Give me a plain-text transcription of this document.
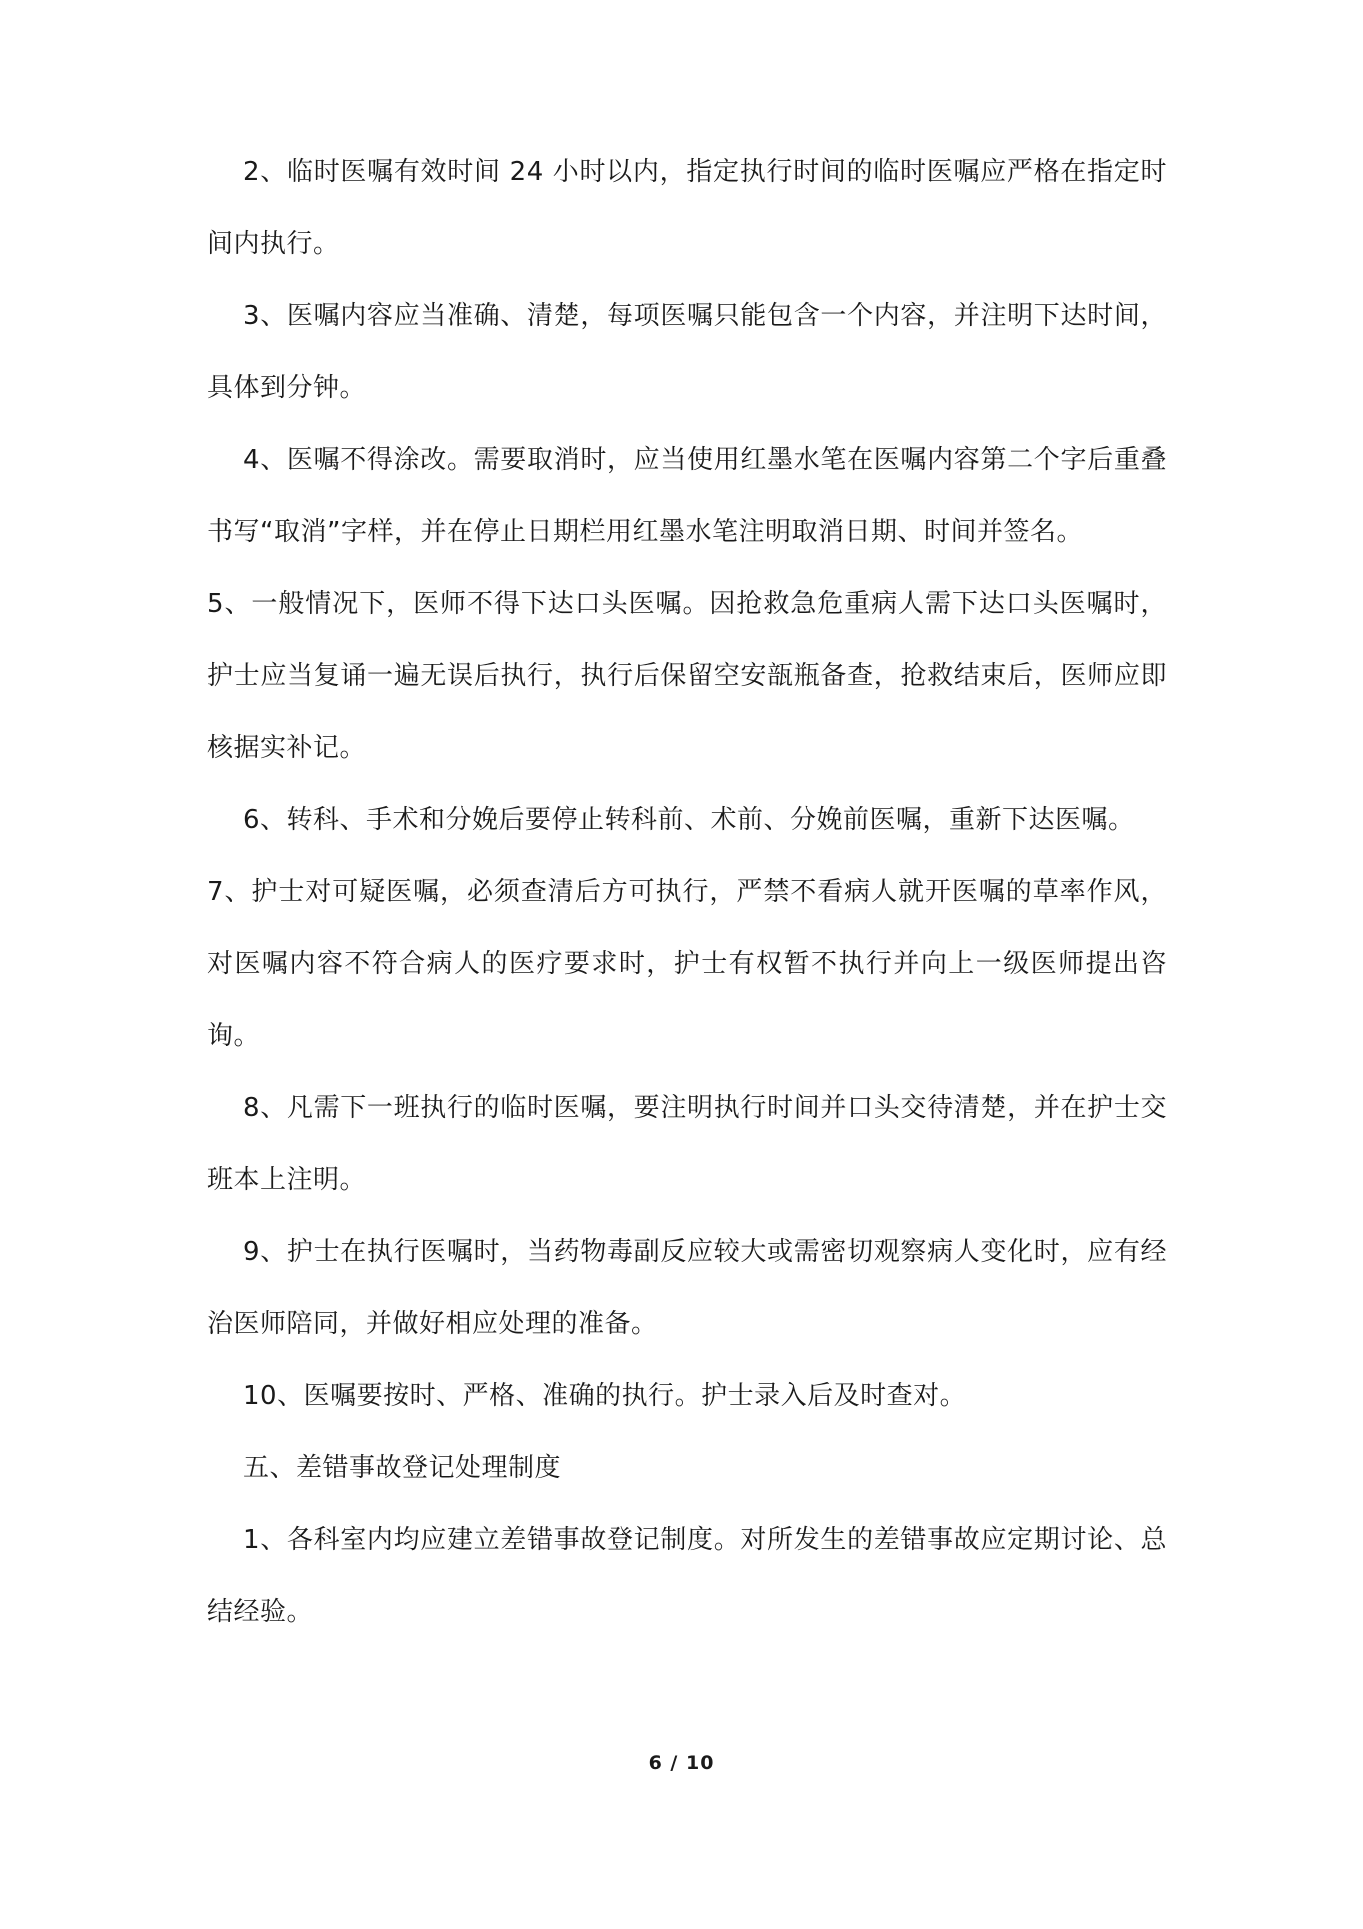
2、临时医嘱有效时间 24 小时以内，指定执行时间的临时医嘱应严格在指定时间内执行。

3、医嘱内容应当准确、清楚，每项医嘱只能包含一个内容，并注明下达时间，具体到分钟。

4、医嘱不得涂改。需要取消时，应当使用红墨水笔在医嘱内容第二个字后重叠书写“取消”字样，并在停止日期栏用红墨水笔注明取消日期、时间并签名。

5、一般情况下，医师不得下达口头医嘱。因抢救急危重病人需下达口头医嘱时，护士应当复诵一遍无误后执行，执行后保留空安瓿瓶备查，抢救结束后，医师应即核据实补记。

6、转科、手术和分娩后要停止转科前、术前、分娩前医嘱，重新下达医嘱。

7、护士对可疑医嘱，必须查清后方可执行，严禁不看病人就开医嘱的草率作风，对医嘱内容不符合病人的医疗要求时，护士有权暂不执行并向上一级医师提出咨询。

8、凡需下一班执行的临时医嘱，要注明执行时间并口头交待清楚，并在护士交班本上注明。

9、护士在执行医嘱时，当药物毒副反应较大或需密切观察病人变化时，应有经治医师陪同，并做好相应处理的准备。

10、医嘱要按时、严格、准确的执行。护士录入后及时查对。

五、差错事故登记处理制度

1、各科室内均应建立差错事故登记制度。对所发生的差错事故应定期讨论、总结经验。

6 / 10
